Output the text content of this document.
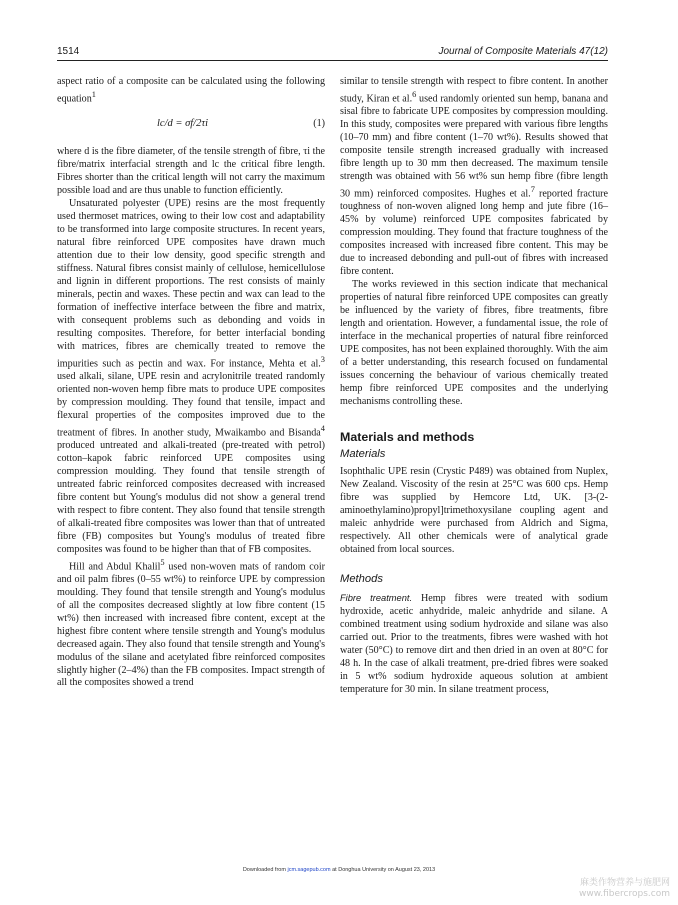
1514	Journal of Composite Materials 47(12)

aspect ratio of a composite can be calculated using the following equation$^1$

lc/d = σf/2τi	(1)

where d is the fibre diameter, σf the tensile strength of fibre, τi the fibre/matrix interfacial strength and lc the critical fibre length. Fibres shorter than the critical length will not carry the maximum possible load and are thus unable to function efficiently.

Unsaturated polyester (UPE) resins are the most frequently used thermoset matrices, owing to their low cost and adaptability to be transformed into large composite structures. In recent years, natural fibre reinforced UPE composites have drawn much attention due to their low density, good specific strength and stiffness. Natural fibres consist mainly of cellulose, hemicellulose and lignin in different proportions. The rest consists of mainly minerals, pectin and waxes. These pectin and wax can lead to the formation of ineffective interface between the fibre and matrix, with consequent problems such as debonding and voids in resulting composites. Therefore, for better interfacial bonding with matrices, fibres are chemically treated to remove the impurities such as pectin and wax. For instance, Mehta et al.$^3$ used alkali, silane, UPE resin and acrylonitrile treated randomly oriented non-woven hemp fibre mats to produce UPE composites by compression moulding. They found that tensile, impact and flexural properties of the composites improved due to the treatment of fibres. In another study, Mwaikambo and Bisanda$^4$ produced untreated and alkali-treated (pre-treated with petrol) cotton–kapok fabric reinforced UPE composites using compression moulding. They found that tensile strength of untreated fabric reinforced composites decreased with increased fibre content but Young's modulus did not show a general trend with respect to fibre content. They also found that tensile strength of alkali-treated fibre composites was lower than that of untreated fibre (FB) composites but Young's modulus of treated fibre composites was found to be higher than that of FB composites.

Hill and Abdul Khalil$^5$ used non-woven mats of random coir and oil palm fibres (0–55 wt%) to reinforce UPE by compression moulding. They found that tensile strength and Young's modulus of all the composites decreased slightly at low fibre content (15 wt%) then increased with increased fibre content, except at the highest fibre content where tensile strength and Young's modulus decreased again. They also found that tensile strength and Young's modulus of the silane and acetylated fibre reinforced composites slightly higher (2–4%) than the FB composites. Impact strength of all the composites showed a trend

similar to tensile strength with respect to fibre content. In another study, Kiran et al.$^6$ used randomly oriented sun hemp, banana and sisal fibre to fabricate UPE composites by compression moulding. In this study, composites were prepared with various fibre lengths (10–70 mm) and fibre content (1–70 wt%). Results showed that composite tensile strength increased gradually with increased fibre length up to 30 mm then decreased. The maximum tensile strength was obtained with 56 wt% sun hemp fibre (fibre length 30 mm) reinforced composites. Hughes et al.$^7$ reported fracture toughness of non-woven aligned long hemp and jute fibre (16–45% by volume) reinforced UPE composites fabricated by compression moulding. They found that fracture toughness of the composites increased with increased fibre content. This may be due to increased debonding and pull-out of fibres with increased fibre content.

The works reviewed in this section indicate that mechanical properties of natural fibre reinforced UPE composites can greatly be influenced by the variety of fibres, fibre treatments, fibre length and orientation. However, a fundamental issue, the role of interface in the mechanical properties of natural fibre reinforced UPE composites, has not been explained thoroughly. With the aim of a better understanding, this research focused on fundamental issues concerning the behaviour of various chemically treated hemp fibre reinforced UPE composites and the underlying mechanisms controlling these.

Materials and methods
Materials

Isophthalic UPE resin (Crystic P489) was obtained from Nuplex, New Zealand. Viscosity of the resin at 25°C was 600 cps. Hemp fibre was supplied by Hemcore Ltd, UK. [3-(2-aminoethylamino)propyl]trimethoxysilane coupling agent and maleic anhydride were purchased from Aldrich and Sigma, respectively. All other chemicals were of analytical grade obtained from local sources.

Methods

Fibre treatment. Hemp fibres were treated with sodium hydroxide, acetic anhydride, maleic anhydride and silane. A combined treatment using sodium hydroxide and silane was also carried out. Prior to the treatments, fibres were washed with hot water (50°C) to remove dirt and then dried in an oven at 80°C for 48 h. In the case of alkali treatment, pre-dried fibres were soaked in 5 wt% sodium hydroxide aqueous solution at ambient temperature for 30 min. In silane treatment process,

Downloaded from jcm.sagepub.com at Donghua University on August 23, 2013
麻类作物营养与施肥网
www.fibercrops.com
